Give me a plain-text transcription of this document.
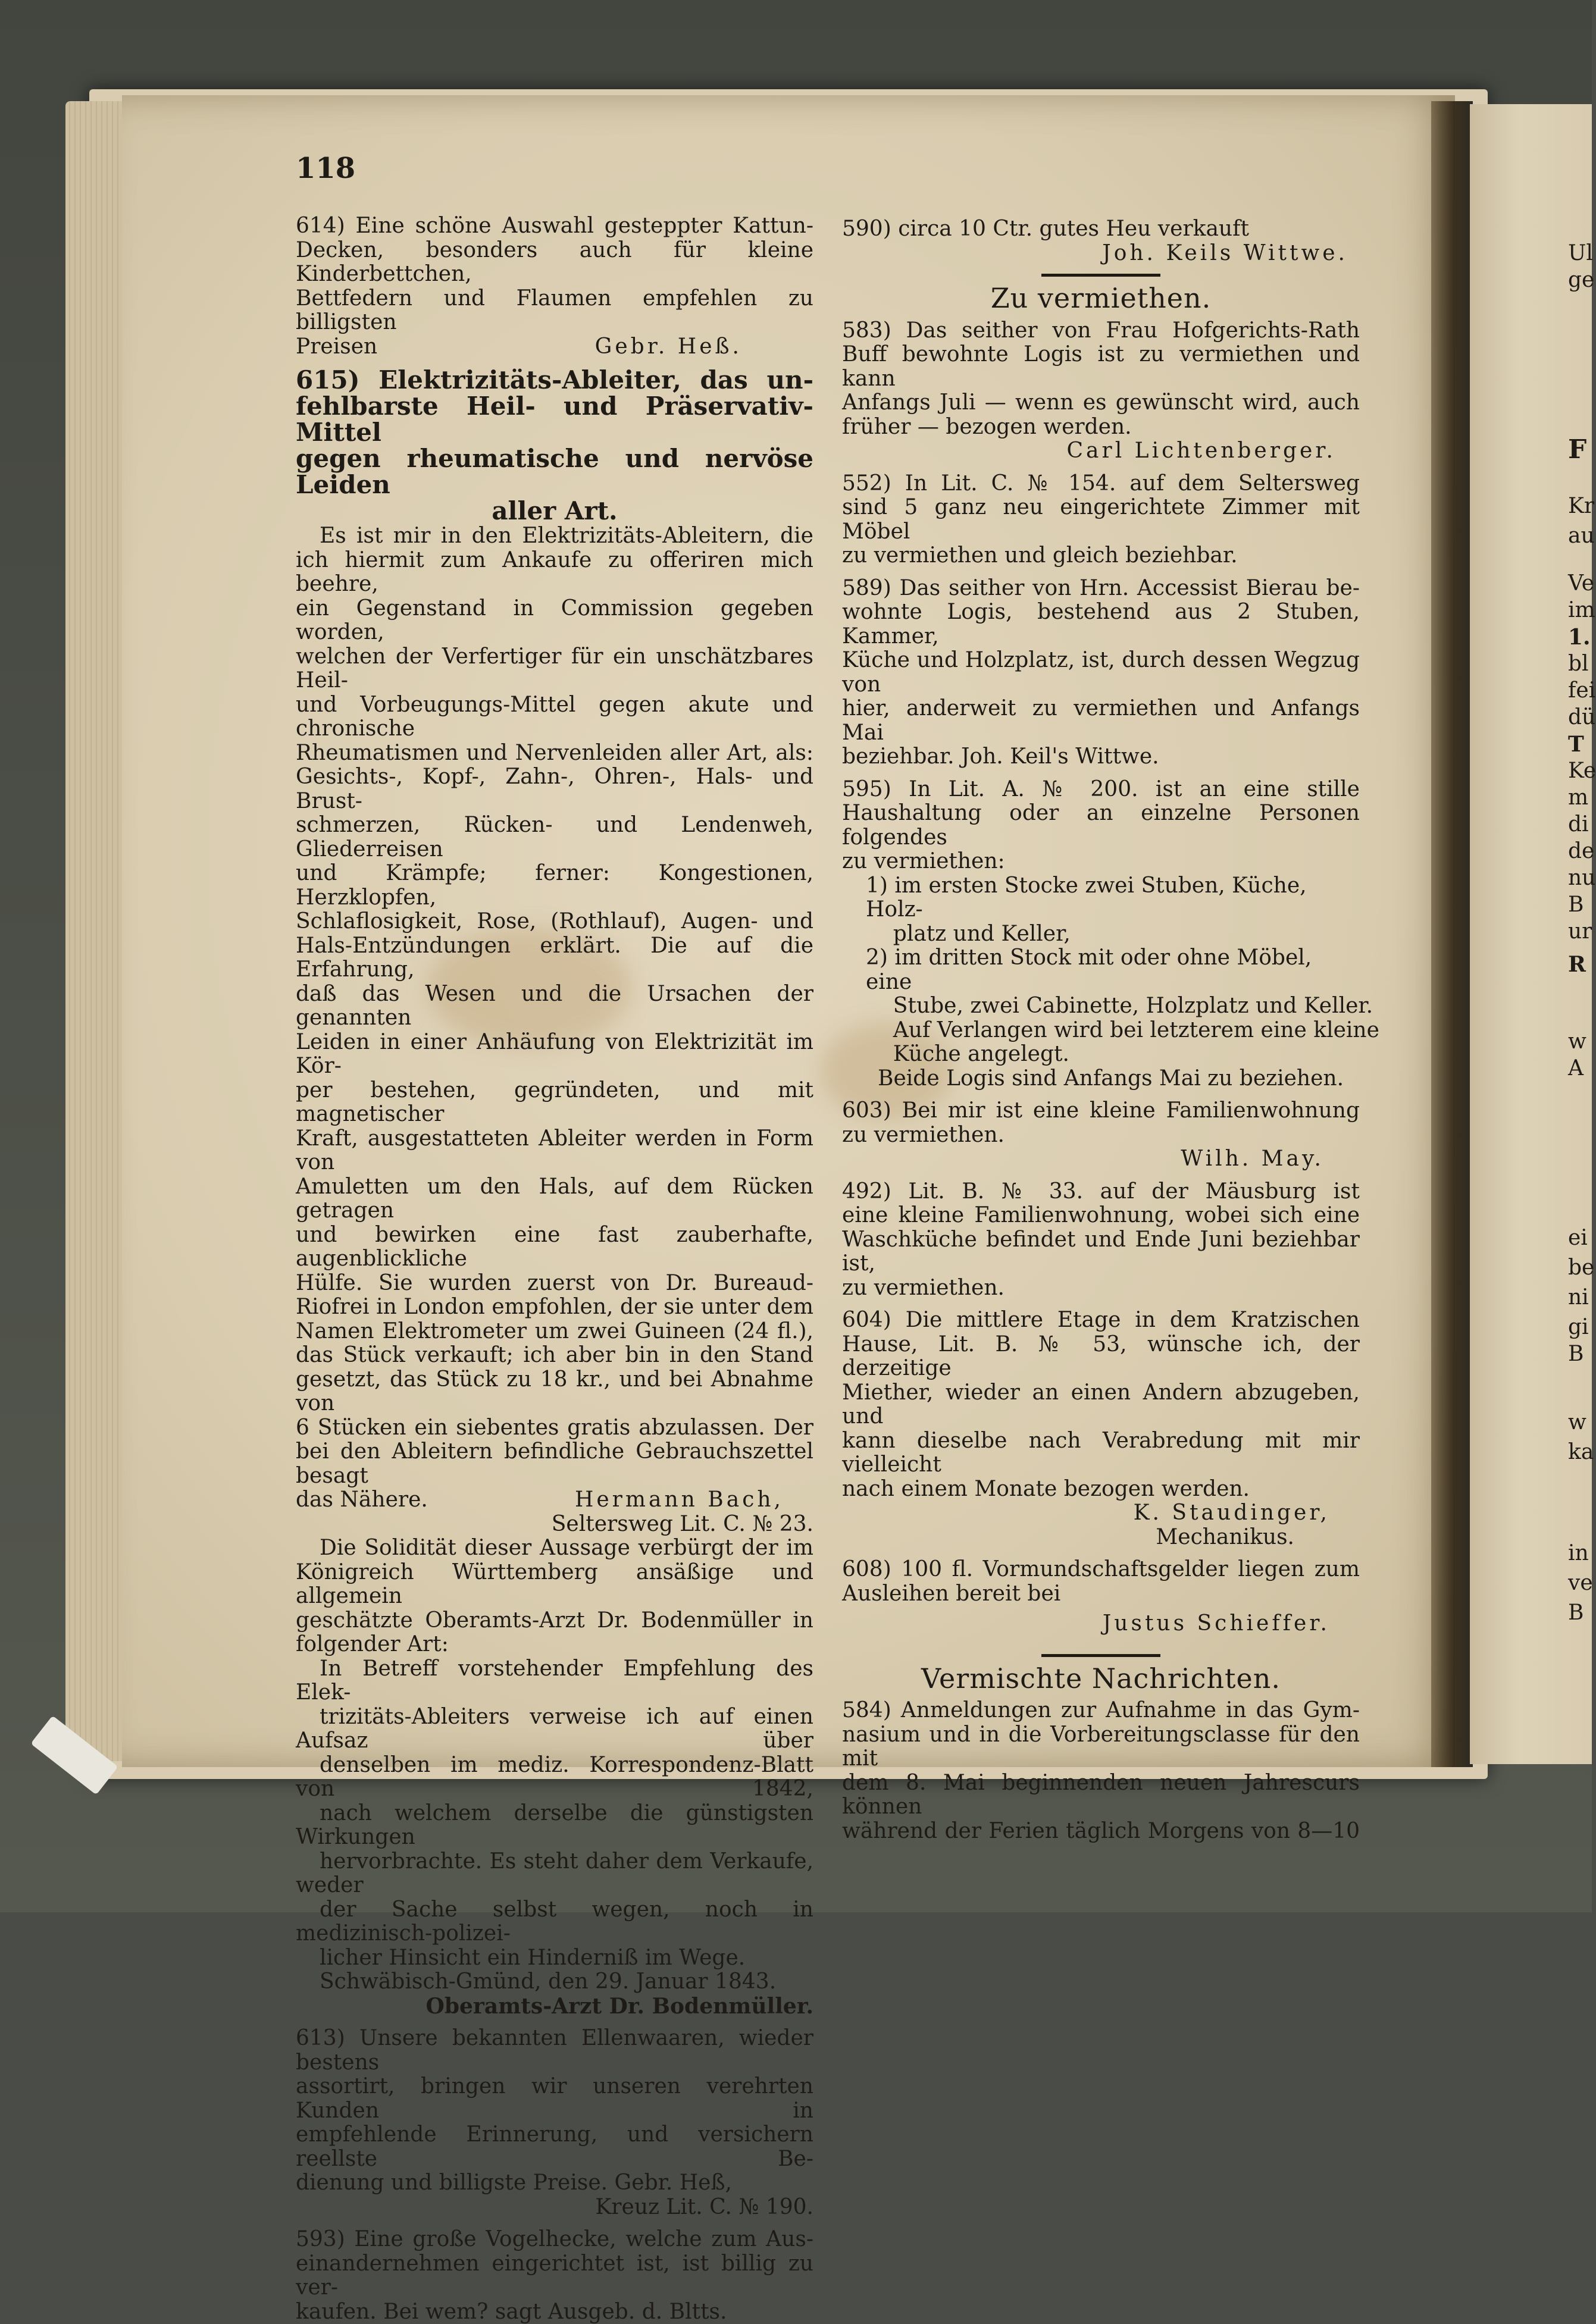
118

614) Eine schöne Auswahl gesteppter Kattun-

Decken, besonders auch für kleine Kinderbettchen,

Bettfedern und Flaumen empfehlen zu billigsten

Preisen	Gebr. Heß.

615) Elektrizitäts-Ableiter, das un-

fehlbarste Heil- und Präservativ-Mittel

gegen rheumatische und nervöse Leiden

aller Art.

Es ist mir in den Elektrizitäts-Ableitern, die

ich hiermit zum Ankaufe zu offeriren mich beehre,

ein Gegenstand in Commission gegeben worden,

welchen der Verfertiger für ein unschätzbares Heil-

und Vorbeugungs-Mittel gegen akute und chronische

Rheumatismen und Nervenleiden aller Art, als:

Gesichts-, Kopf-, Zahn-, Ohren-, Hals- und Brust-

schmerzen, Rücken- und Lendenweh, Gliederreisen

und Krämpfe; ferner: Kongestionen, Herzklopfen,

Schlaflosigkeit, Rose, (Rothlauf), Augen- und

Hals-Entzündungen erklärt. Die auf die Erfahrung,

daß das Wesen und die Ursachen der genannten

Leiden in einer Anhäufung von Elektrizität im Kör-

per bestehen, gegründeten, und mit magnetischer

Kraft, ausgestatteten Ableiter werden in Form von

Amuletten um den Hals, auf dem Rücken getragen

und bewirken eine fast zauberhafte, augenblickliche

Hülfe. Sie wurden zuerst von Dr. Bureaud-

Riofrei in London empfohlen, der sie unter dem

Namen Elektrometer um zwei Guineen (24 fl.),

das Stück verkauft; ich aber bin in den Stand

gesetzt, das Stück zu 18 kr., und bei Abnahme von

6 Stücken ein siebentes gratis abzulassen. Der

bei den Ableitern befindliche Gebrauchszettel besagt

das Nähere.	Hermann Bach,

Seltersweg Lit. C. № 23.

Die Solidität dieser Aussage verbürgt der im

Königreich Württemberg ansäßige und allgemein

geschätzte Oberamts-Arzt Dr. Bodenmüller in

folgender Art:

In Betreff vorstehender Empfehlung des Elek-

trizitäts-Ableiters verweise ich auf einen Aufsaz über

denselben im mediz. Korrespondenz-Blatt von 1842,

nach welchem derselbe die günstigsten Wirkungen

hervorbrachte. Es steht daher dem Verkaufe, weder

der Sache selbst wegen, noch in medizinisch-polizei-

licher Hinsicht ein Hinderniß im Wege.

Schwäbisch-Gmünd, den 29. Januar 1843.

Oberamts-Arzt Dr. Bodenmüller.

613) Unsere bekannten Ellenwaaren, wieder bestens

assortirt, bringen wir unseren verehrten Kunden in

empfehlende Erinnerung, und versichern reellste Be-

dienung und billigste Preise. Gebr. Heß,

Kreuz Lit. C. № 190.

593) Eine große Vogelhecke, welche zum Aus-

einandernehmen eingerichtet ist, ist billig zu ver-

kaufen. Bei wem? sagt Ausgeb. d. Bltts.

590) circa 10 Ctr. gutes Heu verkauft

Joh. Keils Wittwe.

Zu vermiethen.

583) Das seither von Frau Hofgerichts-Rath

Buff bewohnte Logis ist zu vermiethen und kann

Anfangs Juli — wenn es gewünscht wird, auch

früher — bezogen werden.

Carl Lichtenberger.

552) In Lit. C. № 154. auf dem Seltersweg

sind 5 ganz neu eingerichtete Zimmer mit Möbel

zu vermiethen und gleich beziehbar.

589) Das seither von Hrn. Accessist Bierau be-

wohnte Logis, bestehend aus 2 Stuben, Kammer,

Küche und Holzplatz, ist, durch dessen Wegzug von

hier, anderweit zu vermiethen und Anfangs Mai

beziehbar. Joh. Keil's Wittwe.

595) In Lit. A. № 200. ist an eine stille

Haushaltung oder an einzelne Personen folgendes

zu vermiethen:

1) im ersten Stocke zwei Stuben, Küche, Holz-

platz und Keller,

2) im dritten Stock mit oder ohne Möbel, eine

Stube, zwei Cabinette, Holzplatz und Keller.

Auf Verlangen wird bei letzterem eine kleine

Küche angelegt.

Beide Logis sind Anfangs Mai zu beziehen.

603) Bei mir ist eine kleine Familienwohnung

zu vermiethen.

Wilh. May.

492) Lit. B. № 33. auf der Mäusburg ist

eine kleine Familienwohnung, wobei sich eine

Waschküche befindet und Ende Juni beziehbar ist,

zu vermiethen.

604) Die mittlere Etage in dem Kratzischen

Hause, Lit. B. № 53, wünsche ich, der derzeitige

Miether, wieder an einen Andern abzugeben, und

kann dieselbe nach Verabredung mit mir vielleicht

nach einem Monate bezogen werden.

K. Staudinger,

Mechanikus.

608) 100 fl. Vormundschaftsgelder liegen zum

Ausleihen bereit bei

Justus Schieffer.

Vermischte Nachrichten.

584) Anmeldungen zur Aufnahme in das Gym-

nasium und in die Vorbereitungsclasse für den mit

dem 8. Mai beginnenden neuen Jahrescurs können

während der Ferien täglich Morgens von 8—10

Ul
ge
F
Kr
au
Ve
im
1.
bl
fei
dü
T
Ke
m
di
de
nu
B
ur
R
w
A
ei
be
ni
gi
B
w
ka
in
ve
B
